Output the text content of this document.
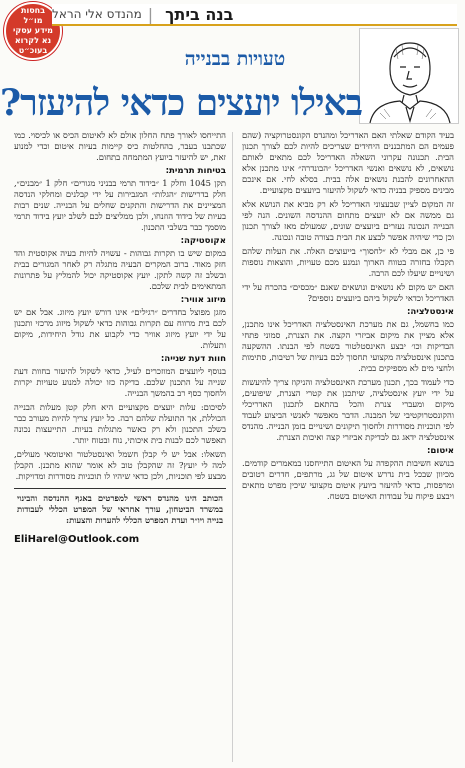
בחסות
מו״ל
מידע עסקי
נא לקרוא
בעוכ״ט
בנה ביתך
|
מהנדס אלי הראל
טעויות בבנייה
באילו יועצים כדאי להיעזר?

בעיד הקודם שאלתי האם האדריכל ומהנדס הקונסטרוקציה (שהם פעמים הם המתכננים היחידים שצריכים להיות לכם לצורך תכנון הבית. תכנונה עקרוני השאלה האדריכל לכם מתאים לאותם נושאים, לא נושאים ואנשי האדריכל ״הבונדרה״ אינו מתכנן אלא ההאחרונים להבנת נושאים אלה בבית. בסלא לחי. אם אינכם מבינים מספיק בבניה כדאי לשקול להיעזר ביועצים מקצועיים.

זה המקום לציין שבעצוני האדריכל לא רק מביא את הנושא אלא גם ממשה אם לא יועצים מתחום ההנדסה השונים. הנה לפי הבנייה הנכונה נעזרים ביועצים שונים, שמעולם מאז לצורך תכנון וכן כדי שיהיה אפשר לבצע את הבית בצורה טובה ונכונה.

פי כן, אם מבלי לא ״לחסוך״ בייעוצים האלה. את העלות שלהם תקבלו בחזרה בטווח הארוך ונמנע מכם טעויות, והוצאות נוספות ושינויים שיעלו לכם הרבה.

האם יש מקום לא נושאים ונושאים שאנם ״מכסים״ בהכרח על ידי האדריכל וכדאי לשקול ביהם ביועצים נוספים?

אינסטלציה:

כמו בחשמל, גם את מערכת האינסטלציה האדריכל אינו מתכנן, אלא מציין את מיקום אביזרי הקצה. את הצנרת, סמוני פתחי הבדיקות וכו׳ יבצע האינסטלטור בשטח לפי הבנתו. ההשקעה בתכנון אינסטלציה מקצועי תחסוך לכם בעיות של רטיבות, סתימות ולחצי מים לא מספיקים בבית.

כדי לעמוד בכך, תכנון מערכת האינסטלציה והניקוז צריך להיעשות על ידי יועץ אינסטלציה, שיתכנן את קטרי הצנרת, שיפועים, מיקום ומעברי צנרת והכל בהתאם לתכנון האדריכלי והקונסטרוקטיבי של המבנה. הדבר מאפשר לאנשי הביצוע לעבוד לפי תוכניות מסודרות ולחסוך תיקונים ושינויים בזמן הבנייה. מהנדס אינסטלציה ידאג גם לבדיקת אביזרי קצה ואיכות הצנרת.

איטום:

בנושא חשיבות ההקפדה על האיטום התייחסנו במאמרים קודמים. מכיוון שבכל בית נדרש איטום של גג, מרתפים, חדרים רטובים ומרפסות, כדאי להיעזר ביועץ איטום מקצועי שיכין מפרט מתאים ויבצע פיקוח על עבודות האיטום בשטח.

התייחסו לאורך פתח החלון אולם לא לאיטום הכיס או לכיסוי. כמו שכתבנו בעבר, בהחלטות כיס קיימות בעיות איטום וכדי למנוע זאת, יש להיעזר ביועץ המתמחה בתחום.

בטיחות תרמית:

תקן 1045 וחלק 1 ״בידוד תרמי בבניני מגורים״ חלק 1 ״מבנים״, חלק בדרישות ״הגלות״ המגבירות על ידי קבלנים ומחלקי הנדסה המציינים את הדרישות והתקנים שחלים על הבנייה. שנים רבות בעיות של בידוד הוזנחו, ולכן ממליצים לכם לשלב יועץ בידוד תרמי מוסמך כבר בשלבי התכנון.

אקוסטיקה:

במקום שיש בו תקרות גבוהות - עשויה להיות בעיה אקוסטית והד חזק מאוד. ברוב המקרים הבעיה מתגלה רק לאחר המגורים בבית ובשלב זה קשה לתקן. יועץ אקוסטיקה יכול להמליץ על פתרונות המתאימים לבית שלכם.

מיזוג אוויר:

מזגן מפוצל בחדרים ״רגילים״ אינו דורש יועץ מיזוג. אבל אם יש לכם בית מרווח עם תקרות גבוהות כדאי לשקול מיזוג מרכזי ותכנון על ידי יועץ מיזוג אוויר כדי לקבוע את גודל היחידות, מיקום ותעלות.

חוות דעת שנייה:

בנוסף ליועצים המוזכרים לעיל, כדאי לשקול להיעזר בחוות דעת שנייה על התכנון שלכם. בדיקה כזו יכולה למנוע טעויות יקרות ולחסוך כסף רב בהמשך הבנייה.

לסיכום: עלות יועצים מקצועיים היא חלק קטן מעלות הבנייה הכוללת, אך התועלת שלהם רבה. כל יועץ צריך להיות מעורב כבר בשלב התכנון ולא רק כאשר מתגלות בעיות. התייעצות נכונה תאפשר לכם לבנות בית איכותי, נוח ובטוח יותר.

תשאלו: אבל יש לי קבלן חשמל ואינסטלטור ואיטומאי מעולים, למה לי יועץ? זה שהקבלן טוב לא אומר שהוא מתכנן. הקבלן מבצע לפי תוכניות, ולכן כדאי שיהיו לו תוכניות מסודרות ומדויקות.

הכותב הינו מהנדס ראשי למפרטים באגף ההנדסה והבינוי במשרד הביטחון, עורך אחראי של המפרט הכללי לעבודות בנייה ויו״ר ועדת המפרט הכללי להערות והצעות:
EliHarel@Outlook.com
